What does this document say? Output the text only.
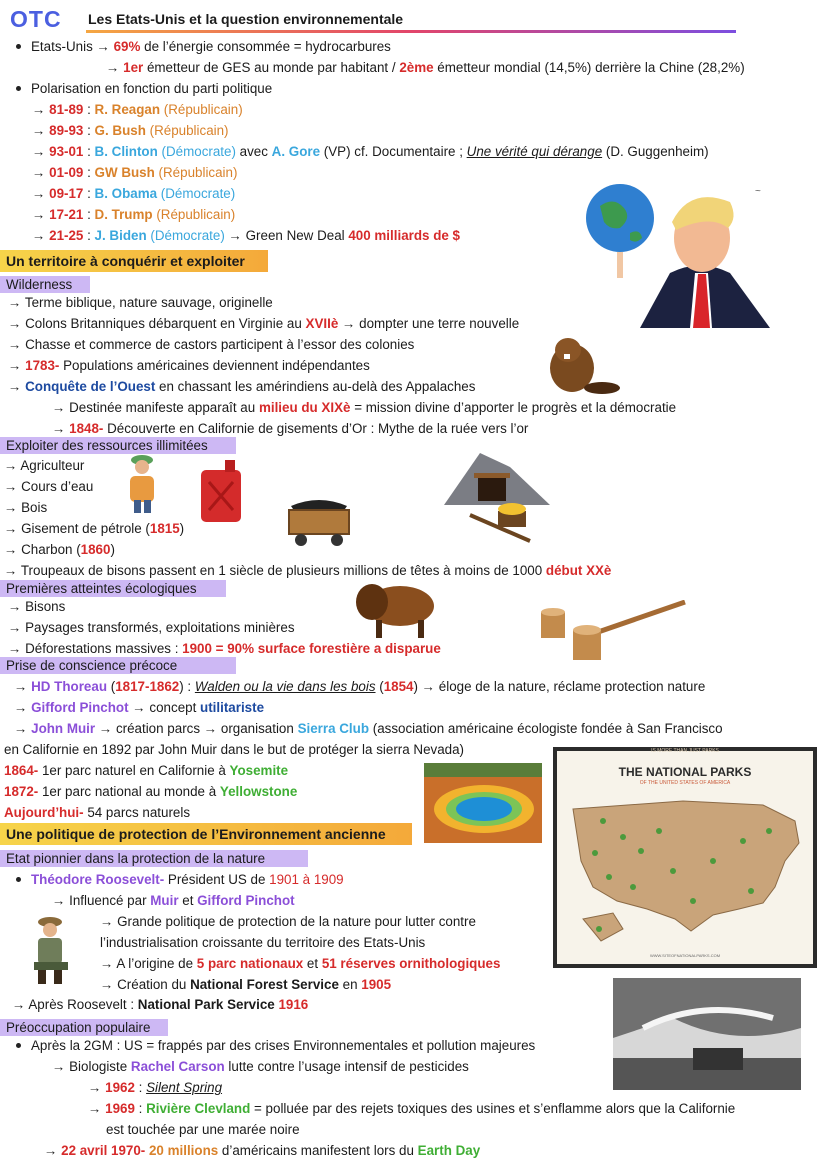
OTC Les Etats-Unis et la question environnementale
Etats-Unis → 69% de l’énergie consommée = hydrocarbures
→ 1er émetteur de GES au monde par habitant / 2ème émetteur mondial (14,5%) derrière la Chine (28,2%)
Polarisation en fonction du parti politique
→ 81-89 : R. Reagan (Républicain)
→ 89-93 : G. Bush (Républicain)
→ 93-01 : B. Clinton (Démocrate) avec A. Gore (VP) cf. Documentaire ; Une vérité qui dérange (D. Guggenheim)
→ 01-09 : GW Bush (Républicain)
→ 09-17 : B. Obama (Démocrate)
→ 17-21 : D. Trump (Républicain)
→ 21-25 : J. Biden (Démocrate) → Green New Deal 400 milliards de $
~
Un territoire à conquérir et exploiter
Wilderness
→ Terme biblique, nature sauvage, originelle
→ Colons Britanniques débarquent en Virginie au XVIIè → dompter une terre nouvelle
→ Chasse et commerce de castors participent à l’essor des colonies
→ 1783- Populations américaines deviennent indépendantes
→ Conquête de l’Ouest en chassant les amérindiens au-delà des Appalaches
→ Destinée manifeste apparaît au milieu du XIXè = mission divine d’apporter le progrès et la démocratie
→ 1848- Découverte en Californie de gisements d’Or : Mythe de la ruée vers l’or
Exploiter des ressources illimitées
→ Agriculteur
→ Cours d’eau
→ Bois
→ Gisement de pétrole (1815)
→ Charbon (1860)
→ Troupeaux de bisons passent en 1 siècle de plusieurs millions de têtes à moins de 1000 début XXè
Premières atteintes écologiques
→ Bisons
→ Paysages transformés, exploitations minières
→ Déforestations massives : 1900 = 90% surface forestière a disparue
Prise de conscience précoce
→ HD Thoreau (1817-1862) : Walden ou la vie dans les bois (1854) → éloge de la nature, réclame protection nature
→ Gifford Pinchot → concept utilitariste
→ John Muir → création parcs → organisation Sierra Club (association américaine écologiste fondée à San Francisco
en Californie en 1892 par John Muir dans le but de protéger la sierra Nevada)
1864- 1er parc naturel en Californie à Yosemite
1872- 1er parc national au monde à Yellowstone
Aujourd’hui- 54 parcs naturels
IS MORE THAN JUST PARKS
THE NATIONAL PARKS
OF THE UNITED STATES OF AMERICA
WWW.SITEOFNATIONALPARKS.COM
Une politique de protection de l’Environnement ancienne
Etat pionnier dans la protection de la nature
Théodore Roosevelt- Président US de 1901 à 1909
→ Influencé par Muir et Gifford Pinchot
→ Grande politique de protection de la nature pour lutter contre
l’industrialisation croissante du territoire des Etats-Unis
→ A l’origine de 5 parc nationaux et 51 réserves ornithologiques
→ Création du National Forest Service en 1905
→ Après Roosevelt : National Park Service 1916
Préoccupation populaire
Après la 2GM : US = frappés par des crises Environnementales et pollution majeures
→ Biologiste Rachel Carson lutte contre l’usage intensif de pesticides
→ 1962 : Silent Spring
→ 1969 : Rivière Clevland = polluée par des rejets toxiques des usines et s’enflamme alors que la Californie
est touchée par une marée noire
→ 22 avril 1970- 20 millions d’américains manifestent lors du Earth Day
